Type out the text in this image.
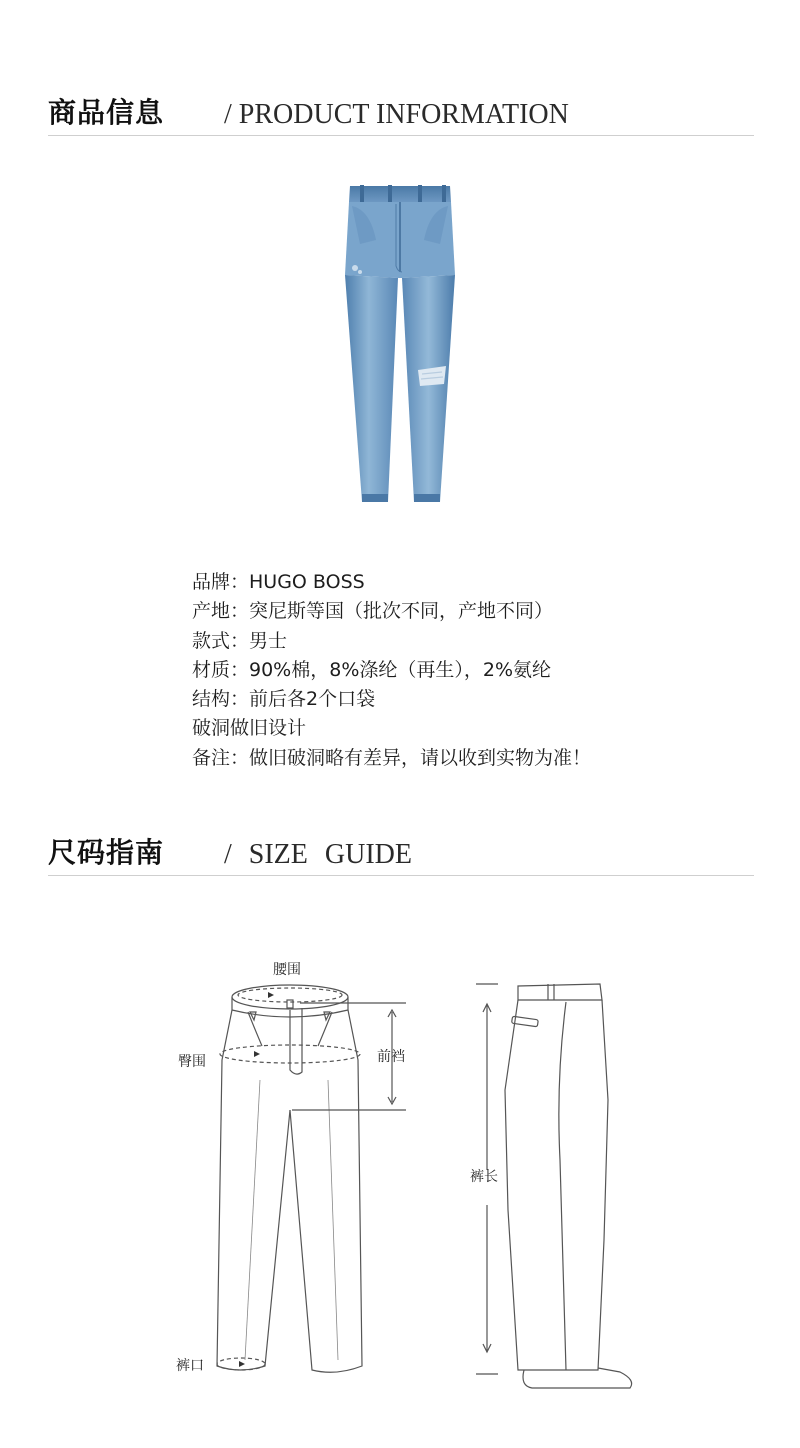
商品信息 / PRODUCT INFORMATION
品牌：HUGO BOSS
产地：突尼斯等国（批次不同，产地不同）
款式：男士
材质：90%棉，8%涤纶（再生），2%氨纶
结构：前后各2个口袋
破洞做旧设计
备注：做旧破洞略有差异，请以收到实物为准！
尺码指南 / SIZE GUIDE
腰围
臀围	前裆
裤长
裤口
